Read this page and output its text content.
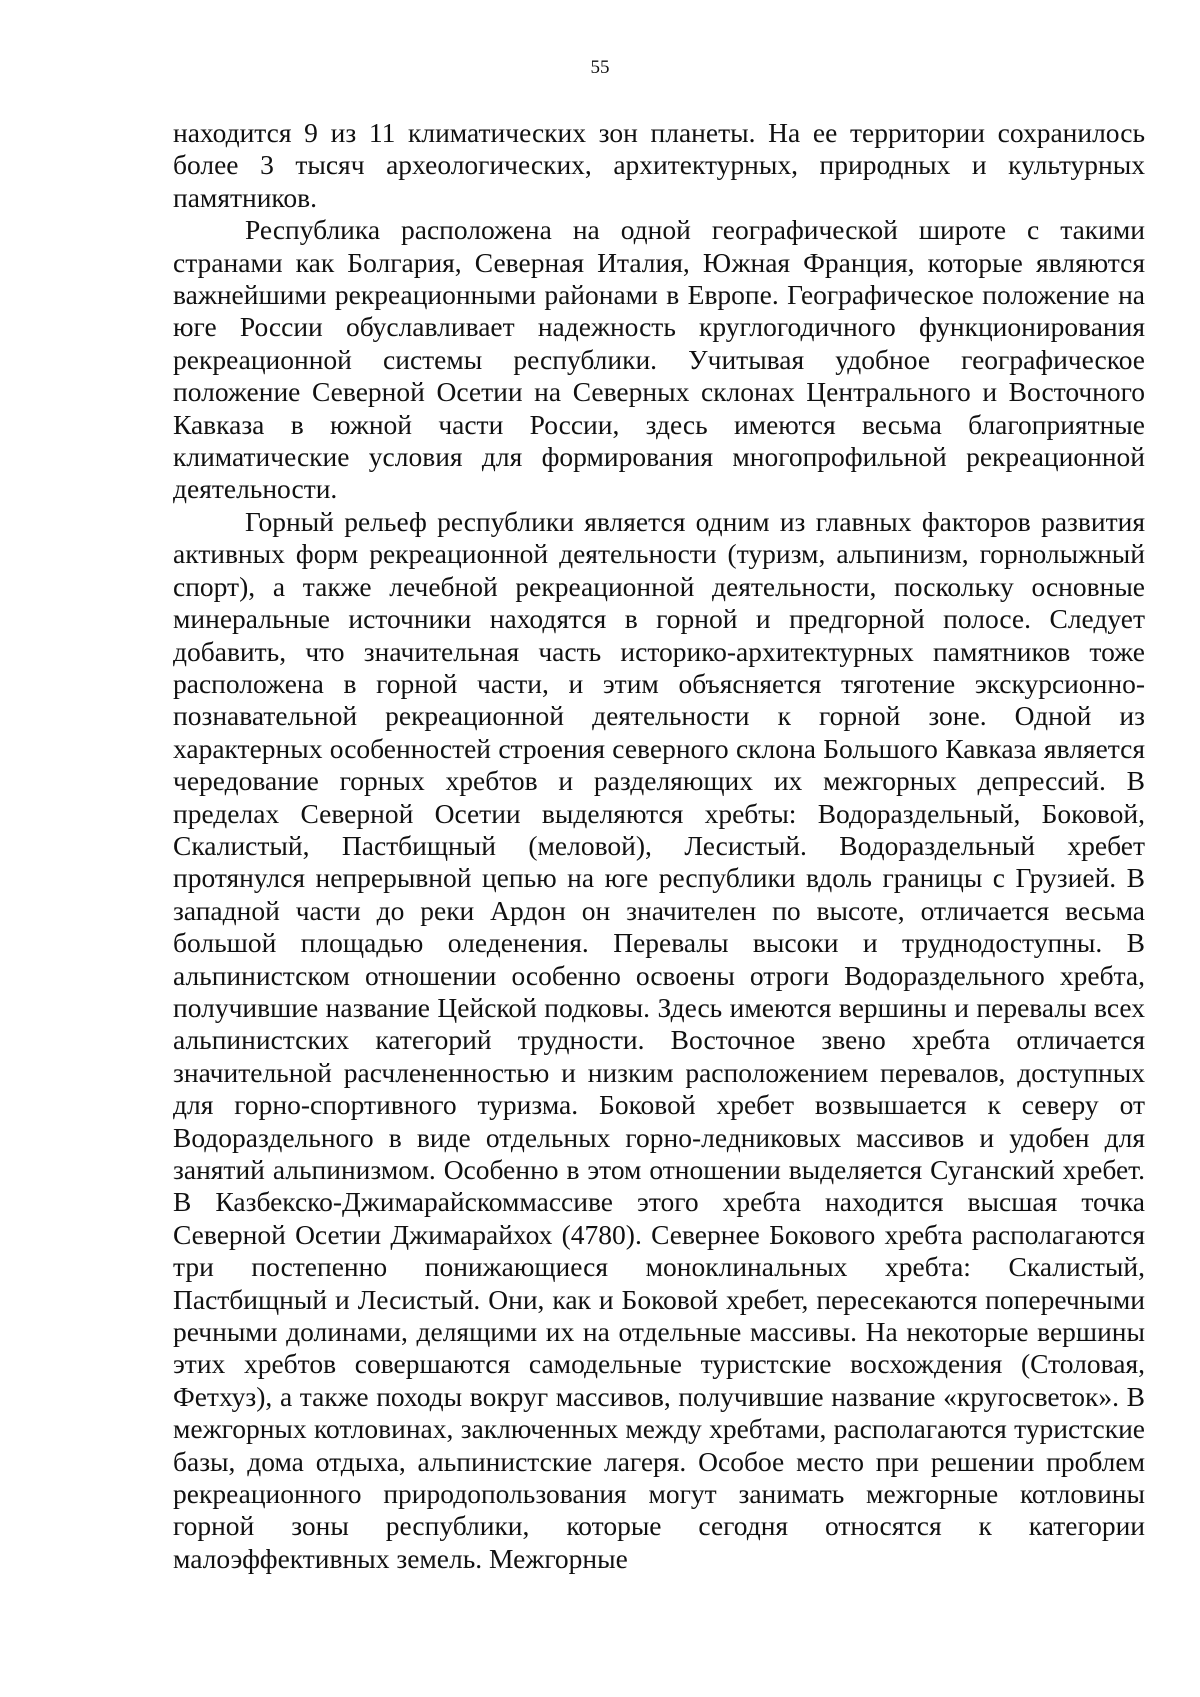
55

находится 9 из 11 климатических зон планеты. На ее территории сохранилось более 3 тысяч археологических, архитектурных, природных и культурных памятников.

Республика расположена на одной географической широте с такими странами как Болгария, Северная Италия, Южная Франция, которые являются важнейшими рекреационными районами в Европе. Географическое положение на юге России обуславливает надежность круглогодичного функционирования рекреационной системы республики. Учитывая удобное географическое положение Северной Осетии на Северных склонах Центрального и Восточного Кавказа в южной части России, здесь имеются весьма благоприятные климатические условия для формирования многопрофильной рекреационной деятельности.

Горный рельеф республики является одним из главных факторов развития активных форм рекреационной деятельности (туризм, альпинизм, горнолыжный спорт), а также лечебной рекреационной деятельности, поскольку основные минеральные источники находятся в горной и предгорной полосе. Следует добавить, что значительная часть историко-архитектурных памятников тоже расположена в горной части, и этим объясняется тяготение экскурсионно-познавательной рекреационной деятельности к горной зоне. Одной из характерных особенностей строения северного склона Большого Кавказа является чередование горных хребтов и разделяющих их межгорных депрессий. В пределах Северной Осетии выделяются хребты: Водораздельный, Боковой, Скалистый, Пастбищный (меловой), Лесистый. Водораздельный хребет протянулся непрерывной цепью на юге республики вдоль границы с Грузией. В западной части до реки Ардон он значителен по высоте, отличается весьма большой площадью оледенения. Перевалы высоки и труднодоступны. В альпинистском отношении особенно освоены отроги Водораздельного хребта, получившие название Цейской подковы. Здесь имеются вершины и перевалы всех альпинистских категорий трудности. Восточное звено хребта отличается значительной расчлененностью и низким расположением перевалов, доступных для горно-спортивного туризма. Боковой хребет возвышается к северу от Водораздельного в виде отдельных горно-ледниковых массивов и удобен для занятий альпинизмом. Особенно в этом отношении выделяется Суганский хребет. В Казбекско-Джимарайскоммассиве этого хребта находится высшая точка Северной Осетии Джимарайхох (4780). Севернее Бокового хребта располагаются три постепенно понижающиеся моноклинальных хребта: Скалистый, Пастбищный и Лесистый. Они, как и Боковой хребет, пересекаются поперечными речными долинами, делящими их на отдельные массивы. На некоторые вершины этих хребтов совершаются самодельные туристские восхождения (Столовая, Фетхуз), а также походы вокруг массивов, получившие название «кругосветок». В межгорных котловинах, заключенных между хребтами, располагаются туристские базы, дома отдыха, альпинистские лагеря. Особое место при решении проблем рекреационного природопользования могут занимать межгорные котловины горной зоны республики, которые сегодня относятся к категории малоэффективных земель. Межгорные
